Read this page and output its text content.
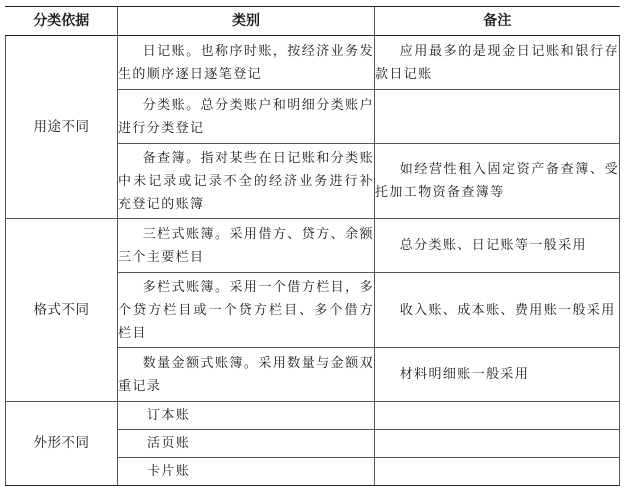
分类依据	类别	备注
用途不同	日记账。也称序时账，按经济业务发生的顺序逐日逐笔登记	应用最多的是现金日记账和银行存款日记账
	分类账。总分类账户和明细分类账户进行分类登记	
	备查簿。指对某些在日记账和分类账中未记录或记录不全的经济业务进行补充登记的账簿	如经营性租入固定资产备查簿、受托加工物资备查簿等
格式不同	三栏式账簿。采用借方、贷方、余额三个主要栏目	总分类账、日记账等一般采用
	多栏式账簿。采用一个借方栏目，多个贷方栏目或一个贷方栏目、多个借方栏目	收入账、成本账、费用账一般采用
	数量金额式账簿。采用数量与金额双重记录	材料明细账一般采用
外形不同	订本账	
	活页账	
	卡片账	
